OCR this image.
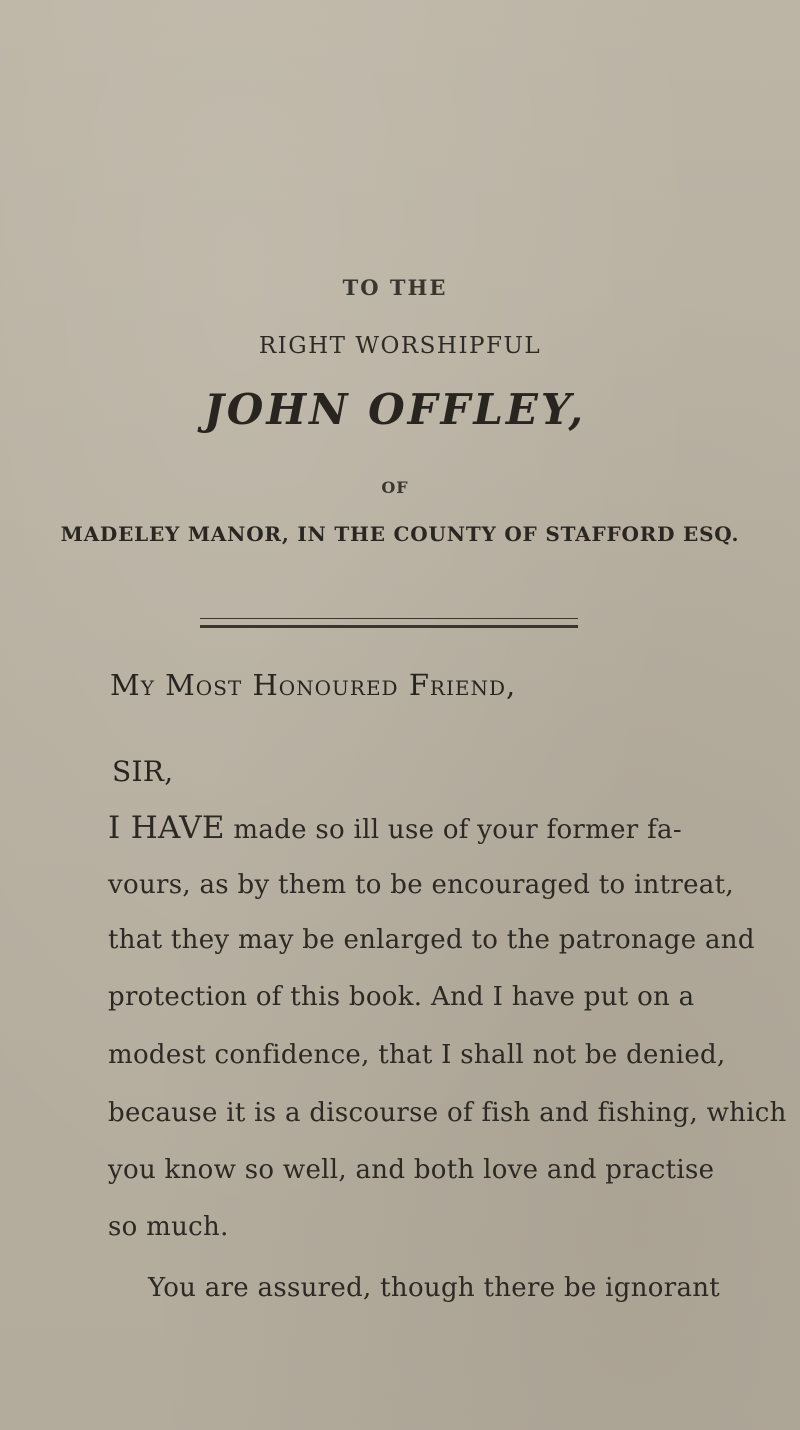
TO THE
RIGHT WORSHIPFUL
JOHN OFFLEY,
OF
MADELEY MANOR, IN THE COUNTY OF STAFFORD ESQ.
My Most Honoured Friend,
SIR,
I HAVE made so ill use of your former fa-
vours, as by them to be encouraged to intreat,
that they may be enlarged to the patronage and
protection of this book. And I have put on a
modest confidence, that I shall not be denied,
because it is a discourse of fish and fishing, which
you know so well, and both love and practise
so much.
You are assured, though there be ignorant
